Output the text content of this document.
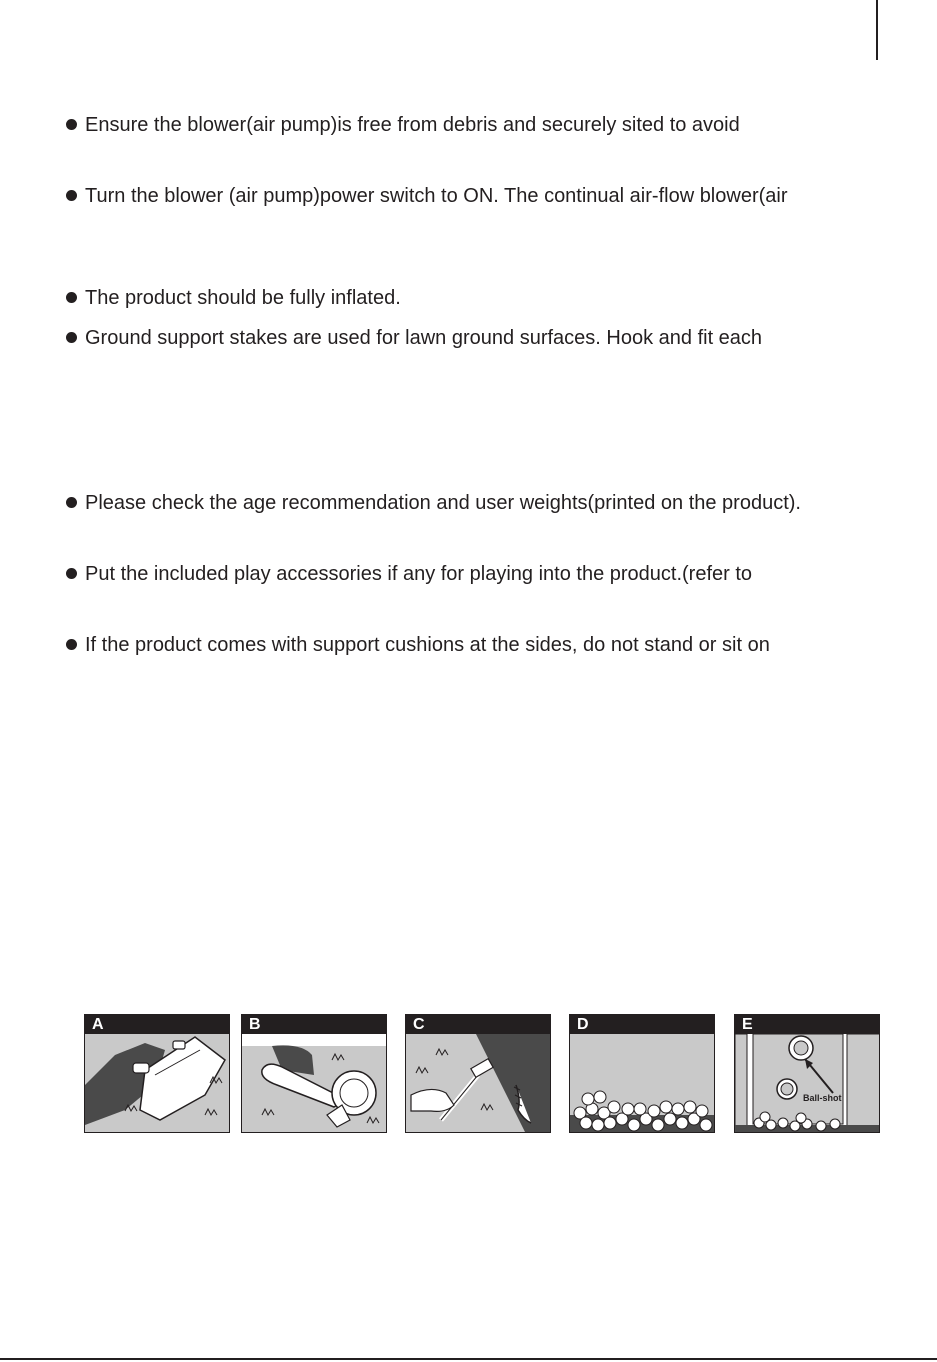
Ensure the blower(air pump)is free from debris and securely sited to avoid
Turn the blower (air pump)power switch to ON. The continual air-flow blower(air
The product should be fully inflated.
Ground support stakes are used for lawn ground surfaces. Hook and fit each
Please check the age recommendation and user weights(printed on the product).
Put the included play accessories if any for playing into the product.(refer to
If the product comes with support cushions at the sides, do not stand or sit on
A	B	C	D	E
Ball-shot
